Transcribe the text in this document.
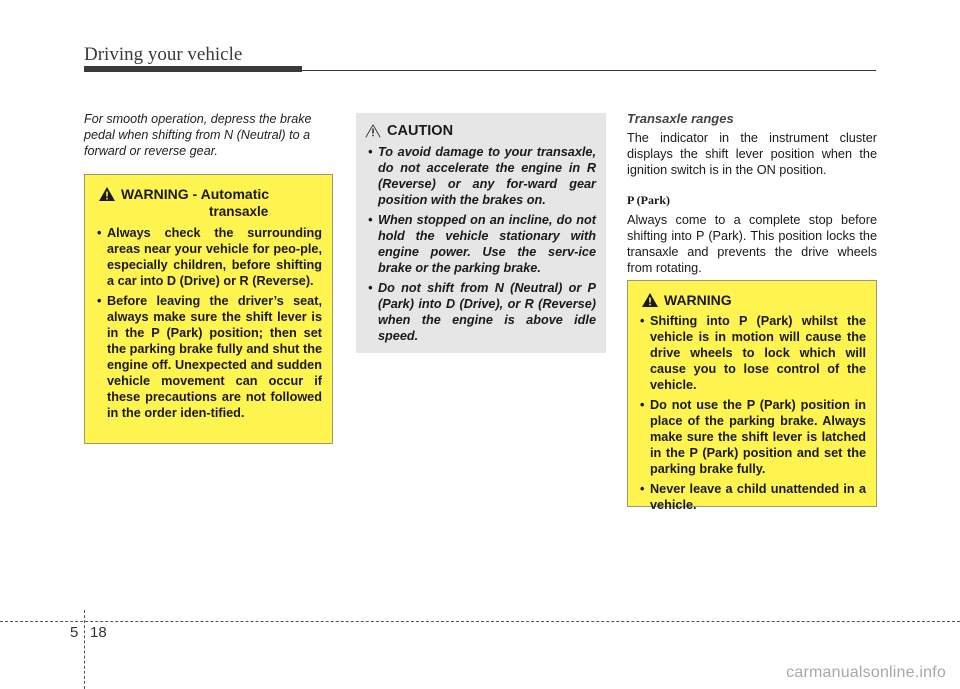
Driving your vehicle
For smooth operation, depress the brake pedal when shifting from N (Neutral) to a forward or reverse gear.
WARNING - Automatic
transaxle
• Always check the surrounding areas near your vehicle for peo-ple, especially children, before shifting a car into D (Drive) or R (Reverse).
• Before leaving the driver’s seat, always make sure the shift lever is in the P (Park) position; then set the parking brake fully and shut the engine off. Unexpected and sudden vehicle movement can occur if these precautions are not followed in the order iden-tified.
CAUTION
• To avoid damage to your transaxle, do not accelerate the engine in R (Reverse) or any for-ward gear position with the brakes on.
• When stopped on an incline, do not hold the vehicle stationary with engine power. Use the serv-ice brake or the parking brake.
• Do not shift from N (Neutral) or P (Park) into D (Drive), or R (Reverse) when the engine is above idle speed.
Transaxle ranges

The indicator in the instrument cluster displays the shift lever position when the ignition switch is in the ON position.

P (Park)

Always come to a complete stop before shifting into P (Park). This position locks the transaxle and prevents the drive wheels from rotating.

WARNING
• Shifting into P (Park) whilst the vehicle is in motion will cause the drive wheels to lock which will cause you to lose control of the vehicle.
• Do not use the P (Park) position in place of the parking brake. Always make sure the shift lever is latched in the P (Park) position and set the parking brake fully.
• Never leave a child unattended in a vehicle.
5 18
carmanualsonline.info
